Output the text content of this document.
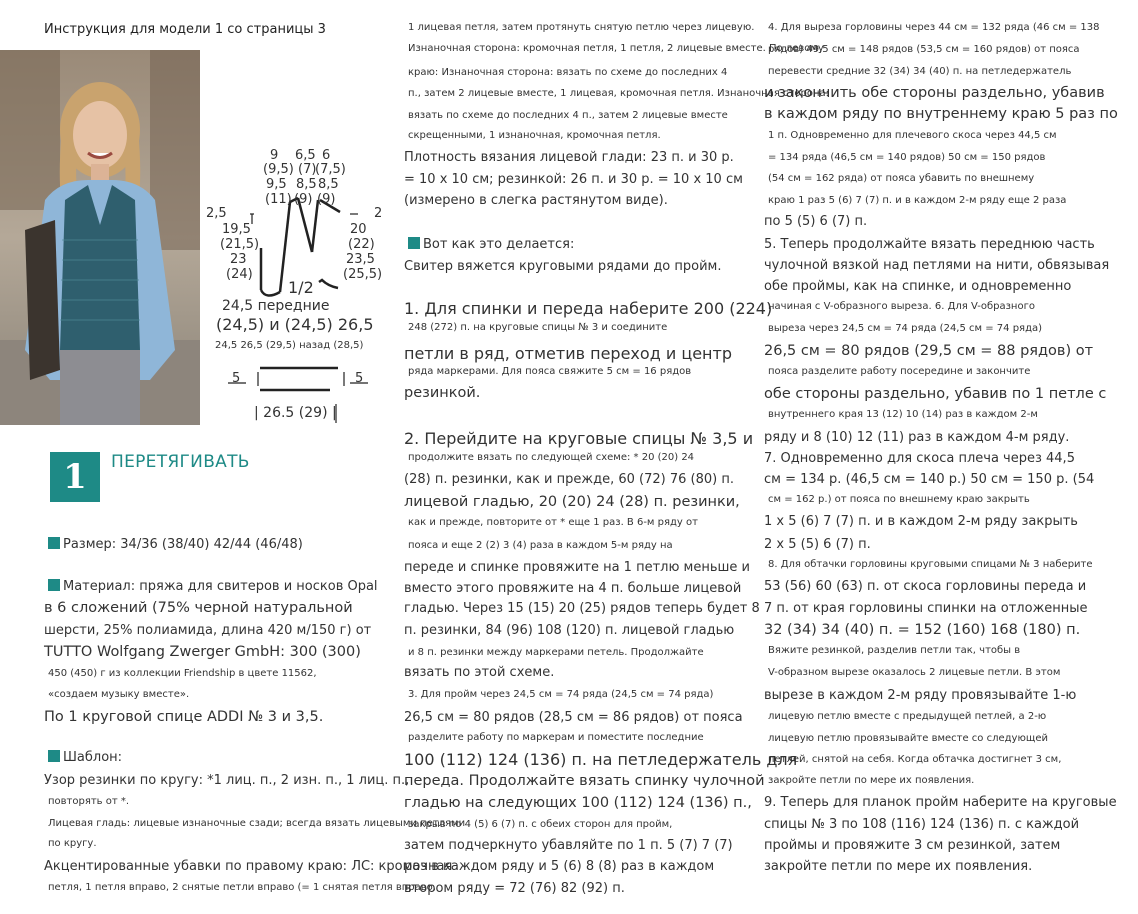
Инструкция для модели 1 со страницы 3
9 6,5 6
(9,5) (7)
(7,5)
9,5 8,5 8,5
(11) (9) (9)
2,5	2
19,5
(21,5)
23
(24)
20
(22)
23,5
(25,5)
1/2
24,5 передние
(24,5) и (24,5) 26,5
24,5 26,5 (29,5) назад (28,5)
5	5
| 26.5 (29) |
1	ПЕРЕТЯГИВАТЬ
Размер: 34/36 (38/40) 42/44 (46/48)
Материал: пряжа для свитеров и носков Opal
в 6 сложений (75% черной натуральной
шерсти, 25% полиамида, длина 420 м/150 г) от
TUTTO Wolfgang Zwerger GmbH: 300 (300)
450 (450) г из коллекции Friendship в цвете 11562,
«создаем музыку вместе».
По 1 круговой спице ADDI № 3 и 3,5.
Шаблон:
Узор резинки по кругу: *1 лиц. п., 2 изн. п., 1 лиц. п.,
повторять от *.
Лицевая гладь: лицевые изнаночные сзади; всегда вязать лицевыми петлями
по кругу.
Акцентированные убавки по правому краю: ЛС: кромочная
петля, 1 петля вправо, 2 снятые петли вправо (= 1 снятая петля вправо,
1 лицевая петля, затем протянуть снятую петлю через лицевую.
Изнаночная сторона: кромочная петля, 1 петля, 2 лицевые вместе. По левому
краю: Изнаночная сторона: вязать по схеме до последних 4
п., затем 2 лицевые вместе, 1 лицевая, кромочная петля. Изнаночная сторона:
вязать по схеме до последних 4 п., затем 2 лицевые вместе
скрещенными, 1 изнаночная, кромочная петля.
Плотность вязания лицевой глади: 23 п. и 30 р.
= 10 х 10 см; резинкой: 26 п. и 30 р. = 10 х 10 см
(измерено в слегка растянутом виде).
Вот как это делается:
Свитер вяжется круговыми рядами до пройм.
1. Для спинки и переда наберите 200 (224)
248 (272) п. на круговые спицы № 3 и соедините
петли в ряд, отметив переход и центр
ряда маркерами. Для пояса свяжите 5 см = 16 рядов
резинкой.
2. Перейдите на круговые спицы № 3,5 и
продолжите вязать по следующей схеме: * 20 (20) 24
(28) п. резинки, как и прежде, 60 (72) 76 (80) п.
лицевой гладью, 20 (20) 24 (28) п. резинки,
как и прежде, повторите от * еще 1 раз. В 6-м ряду от
пояса и еще 2 (2) 3 (4) раза в каждом 5-м ряду на
переде и спинке провяжите на 1 петлю меньше и
вместо этого провяжите на 4 п. больше лицевой
гладью. Через 15 (15) 20 (25) рядов теперь будет 8
п. резинки, 84 (96) 108 (120) п. лицевой гладью
и 8 п. резинки между маркерами петель. Продолжайте
вязать по этой схеме.
3. Для пройм через 24,5 см = 74 ряда (24,5 см = 74 ряда)
26,5 см = 80 рядов (28,5 см = 86 рядов) от пояса
разделите работу по маркерам и поместите последние
100 (112) 124 (136) п. на петледержатель для
переда. Продолжайте вязать спинку чулочной
гладью на следующих 100 (112) 124 (136) п.,
закрыв по 4 (5) 6 (7) п. с обеих сторон для пройм,
затем подчеркнуто убавляйте по 1 п. 5 (7) 7 (7)
раз в каждом ряду и 5 (6) 8 (8) раз в каждом
втором ряду = 72 (76) 82 (92) п.
4. Для выреза горловины через 44 см = 132 ряда (46 см = 138
рядов) 49,5 см = 148 рядов (53,5 см = 160 рядов) от пояса
перевести средние 32 (34) 34 (40) п. на петледержатель
и закончить обе стороны раздельно, убавив
в каждом ряду по внутреннему краю 5 раз по
1 п. Одновременно для плечевого скоса через 44,5 см
= 134 ряда (46,5 см = 140 рядов) 50 см = 150 рядов
(54 см = 162 ряда) от пояса убавить по внешнему
краю 1 раз 5 (6) 7 (7) п. и в каждом 2-м ряду еще 2 раза
по 5 (5) 6 (7) п.
5. Теперь продолжайте вязать переднюю часть
чулочной вязкой над петлями на нити, обвязывая
обе проймы, как на спинке, и одновременно
начиная с V-образного выреза. 6. Для V-образного
выреза через 24,5 см = 74 ряда (24,5 см = 74 ряда)
26,5 см = 80 рядов (29,5 см = 88 рядов) от
пояса разделите работу посередине и закончите
обе стороны раздельно, убавив по 1 петле с
внутреннего края 13 (12) 10 (14) раз в каждом 2-м
ряду и 8 (10) 12 (11) раз в каждом 4-м ряду.
7. Одновременно для скоса плеча через 44,5
см = 134 р. (46,5 см = 140 р.) 50 см = 150 р. (54
см = 162 р.) от пояса по внешнему краю закрыть
1 х 5 (6) 7 (7) п. и в каждом 2-м ряду закрыть
2 х 5 (5) 6 (7) п.
8. Для обтачки горловины круговыми спицами № 3 наберите
53 (56) 60 (63) п. от скоса горловины переда и
7 п. от края горловины спинки на отложенные
32 (34) 34 (40) п. = 152 (160) 168 (180) п.
Вяжите резинкой, разделив петли так, чтобы в
V-образном вырезе оказалось 2 лицевые петли. В этом
вырезе в каждом 2-м ряду провязывайте 1-ю
лицевую петлю вместе с предыдущей петлей, а 2-ю
лицевую петлю провязывайте вместе со следующей
петлей, снятой на себя. Когда обтачка достигнет 3 см,
закройте петли по мере их появления.
9. Теперь для планок пройм наберите на круговые
спицы № 3 по 108 (116) 124 (136) п. с каждой
проймы и провяжите 3 см резинкой, затем
закройте петли по мере их появления.
